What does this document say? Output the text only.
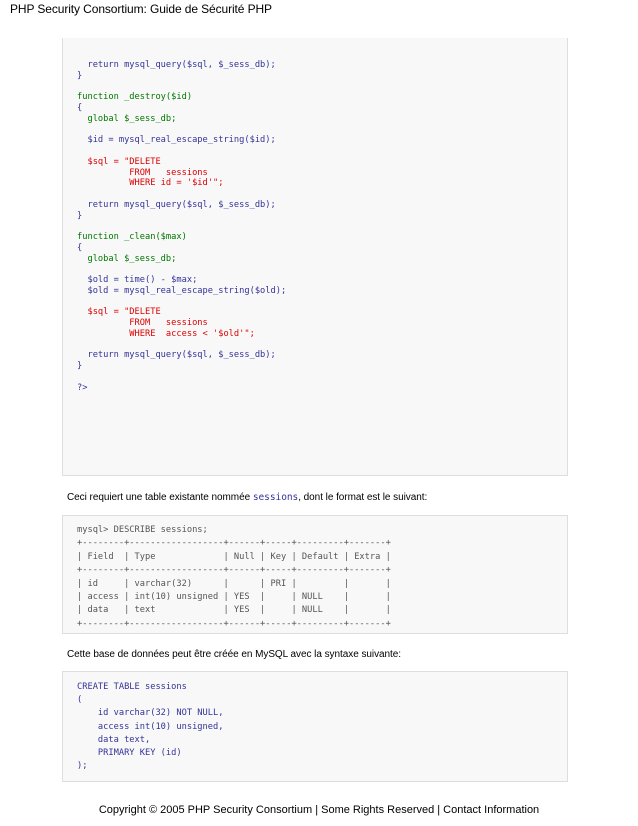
PHP Security Consortium: Guide de Sécurité PHP
return mysql_query($sql, $_sess_db);
}
function _destroy($id)
{
global $_sess_db;
$id = mysql_real_escape_string($id);
$sql = "DELETE
FROM   sessions
WHERE id = '$id'";
return mysql_query($sql, $_sess_db);
}
function _clean($max)
{
global $_sess_db;
$old = time() - $max;
$old = mysql_real_escape_string($old);
$sql = "DELETE
FROM   sessions
WHERE  access < '$old'";
return mysql_query($sql, $_sess_db);
}
?>
Ceci requiert une table existante nommée sessions, dont le format est le suivant:
mysql> DESCRIBE sessions;
+--------+------------------+------+-----+---------+-------+
| Field  | Type             | Null | Key | Default | Extra |
+--------+------------------+------+-----+---------+-------+
| id     | varchar(32)      |      | PRI |         |       |
| access | int(10) unsigned | YES  |     | NULL    |       |
| data   | text             | YES  |     | NULL    |       |
+--------+------------------+------+-----+---------+-------+
Cette base de données peut être créée en MySQL avec la syntaxe suivante:
CREATE TABLE sessions
(
id varchar(32) NOT NULL,
access int(10) unsigned,
data text,
PRIMARY KEY (id)
);
Copyright © 2005 PHP Security Consortium | Some Rights Reserved | Contact Information
